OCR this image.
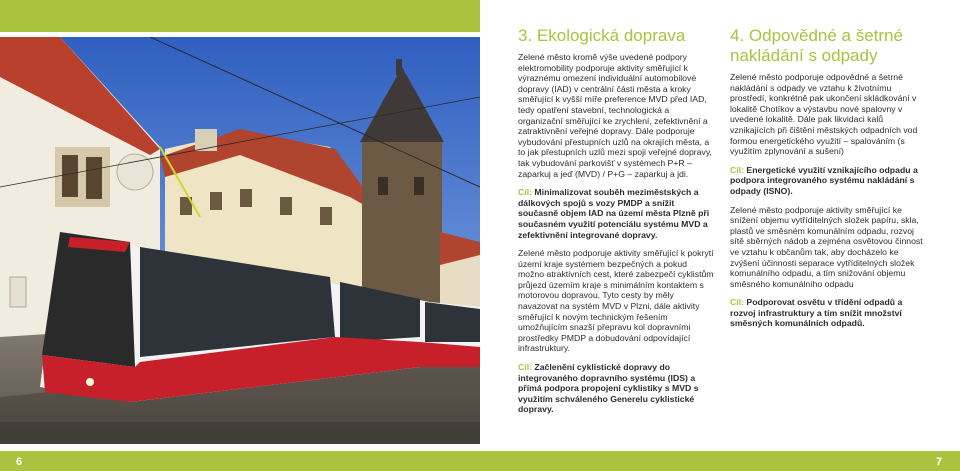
3. Ekologická doprava

Zelené město kromě výše uvedené podpory elektromobility podporuje aktivity směřující k výraznému omezení individuální automobilové dopravy (IAD) v centrální části města a kroky směřující k vyšší míře preference MVD před IAD, tedy opatření stavební, technologická a organizační směřující ke zrychlení, zefektivnění a zatraktivnění veřejné dopravy. Dále podporuje vybudování přestupních uzlů na okrajích města, a to jak přestupních uzlů mezi spoji veřejné dopravy, tak vybudování parkovišť v systémech P+R – zaparkuj a jeď (MVD) / P+G – zaparkuj a jdi.

Cíl: Minimalizovat souběh meziměstských a dálkových spojů s vozy PMDP a snížit současně objem IAD na území města Plzně při současném využití potenciálu systému MVD a zefektivnění integrované dopravy.

Zelené město podporuje aktivity směřující k pokrytí území kraje systémem bezpečných a pokud možno atraktivních cest, které zabezpečí cyklistům průjezd územím kraje s minimálním kontaktem s motorovou dopravou. Tyto cesty by měly navazovat na systém MVD v Plzni, dále aktivity směřující k novým technickým řešením umožňujícím snazší přepravu kol dopravními prostředky PMDP a dobudování odpovídající infrastruktury.

Cíl: Začlenění cyklistické dopravy do integrovaného dopravního systému (IDS) a přímá podpora propojení cyklistiky s MVD s využitím schváleného Generelu cyklistické dopravy.

4. Odpovědné a šetrné nakládání s odpady

Zelené město podporuje odpovědné a šetrné nakládání s odpady ve vztahu k životnímu prostředí, konkrétně pak ukončení skládkování v lokalitě Chotíkov a výstavbu nové spalovny v uvedené lokalitě. Dále pak likvidaci kalů vznikajících při čištění městských odpadních vod formou energetického využití – spalováním (s využitím zplynování a sušení)

Cíl: Energetické využití vznikajícího odpadu a podpora integrovaného systému nakládání s odpady (ISNO).

Zelené město podporuje aktivity směřující ke snížení objemu vytříditelných složek papíru, skla, plastů ve směsném komunálním odpadu, rozvoj sítě sběrných nádob a zejména osvětovou činnost ve vztahu k občanům tak, aby docházelo ke zvýšení účinnosti separace vytříditelných složek komunálního odpadu, a tím snižování objemu směsného komunálního odpadu

Cíl: Podporovat osvětu v třídění odpadů a rozvoj infrastruktury a tím snížit množství směsných komunálních odpadů.

6	7
